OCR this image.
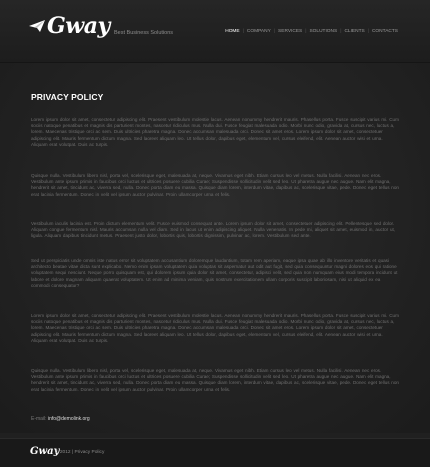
Gway Best Business Solutions	HOME | COMPANY | SERVICES | SOLUTIONS | CLIENTS | CONTACTS
PRIVACY POLICY
Lorem ipsum dolor sit amet, consectetur adipiscing elit. Praesent vestibulum molestie lacus. Aenean nonummy hendrerit mauris. Phasellus porta. Fusce suscipit varius mi. Cum sociis natoque penatibus et magnis dis parturient montes, nascetur ridiculus mus. Nulla dui. Fusce feugiat malesuada odio. Morbi nunc odio, gravida at, cursus nec, luctus a, lorem. Maecenas tristique orci ac sem. Duis ultricies pharetra magna. Donec accumsan malesuada orci. Donec sit amet eros. Lorem ipsum dolor sit amet, consectetuer adipiscing elit. Mauris fermentum dictum magna. Sed laoreet aliquam leo. Ut tellus dolor, dapibus eget, elementum vel, cursus eleifend, elit. Aenean auctor wisi et urna. Aliquam erat volutpat. Duis ac turpis.
Quisque nulla. Vestibulum libero nisl, porta vel, scelerisque eget, malesuada at, neque. Vivamus eget nibh. Etiam cursus leo vel metus. Nulla facilisi. Aenean nec eros. Vestibulum ante ipsum primis in faucibus orci luctus et ultrices posuere cubilia Curae; Suspendisse sollicitudin velit sed leo. Ut pharetra augue nec augue. Nam elit magna, hendrerit sit amet, tincidunt ac, viverra sed, nulla. Donec porta diam eu massa. Quisque diam lorem, interdum vitae, dapibus ac, scelerisque vitae, pede. Donec eget tellus non erat lacinia fermentum. Donec in velit vel ipsum auctor pulvinar. Proin ullamcorper urna et felis.
Vestibulum iaculis lacinia est. Proin dictum elementum velit. Fusce euismod consequat ante. Lorem ipsum dolor sit amet, consectetuer adipiscing elit. Pellentesque sed dolor. Aliquam congue fermentum nisl. Mauris accumsan nulla vel diam. Sed in lacus ut enim adipiscing aliquet. Nulla venenatis. In pede mi, aliquet sit amet, euismod in, auctor ut, ligula. Aliquam dapibus tincidunt metus. Praesent justo dolor, lobortis quis, lobortis dignissim, pulvinar ac, lorem. Vestibulum sed ante.
Sed ut perspiciatis unde omnis iste natus error sit voluptatem accusantium doloremque laudantium, totam rem aperiam, eaque ipsa quae ab illo inventore veritatis et quasi architecto beatae vitae dicta sunt explicabo. Nemo enim ipsam voluptatem quia voluptas sit aspernatur aut odit aut fugit, sed quia consequuntur magni dolores eos qui ratione voluptatem sequi nesciunt. Neque porro quisquam est, qui dolorem ipsum quia dolor sit amet, consectetur, adipisci velit, sed quia non numquam eius modi tempora incidunt ut labore et dolore magnam aliquam quaerat voluptatem. Ut enim ad minima veniam, quis nostrum exercitationem ullam corporis suscipit laboriosam, nisi ut aliquid ex ea commodi consequatur?
Lorem ipsum dolor sit amet, consectetur adipiscing elit. Praesent vestibulum molestie lacus. Aenean nonummy hendrerit mauris. Phasellus porta. Fusce suscipit varius mi. Cum sociis natoque penatibus et magnis dis parturient montes, nascetur ridiculus mus. Nulla dui. Fusce feugiat malesuada odio. Morbi nunc odio, gravida at, cursus nec, luctus a, lorem. Maecenas tristique orci ac sem. Duis ultricies pharetra magna. Donec accumsan malesuada orci. Donec sit amet eros. Lorem ipsum dolor sit amet, consectetuer adipiscing elit. Mauris fermentum dictum magna. Sed laoreet aliquam leo. Ut tellus dolor, dapibus eget, elementum vel, cursus eleifend, elit. Aenean auctor wisi et urna. Aliquam erat volutpat. Duis ac turpis.
Quisque nulla. Vestibulum libero nisl, porta vel, scelerisque eget, malesuada at, neque. Vivamus eget nibh. Etiam cursus leo vel metus. Nulla facilisi. Aenean nec eros. Vestibulum ante ipsum primis in faucibus orci luctus et ultrices posuere cubilia Curae; Suspendisse sollicitudin velit sed leo. Ut pharetra augue nec augue. Nam elit magna, hendrerit sit amet, tincidunt ac, viverra sed, nulla. Donec porta diam eu massa. Quisque diam lorem, interdum vitae, dapibus ac, scelerisque vitae, pede. Donec eget tellus non erat lacinia fermentum. Donec in velit vel ipsum auctor pulvinar. Proin ullamcorper urna et felis.
E-mail: info@demolink.org
Gway
© 2012 | Privacy Policy
